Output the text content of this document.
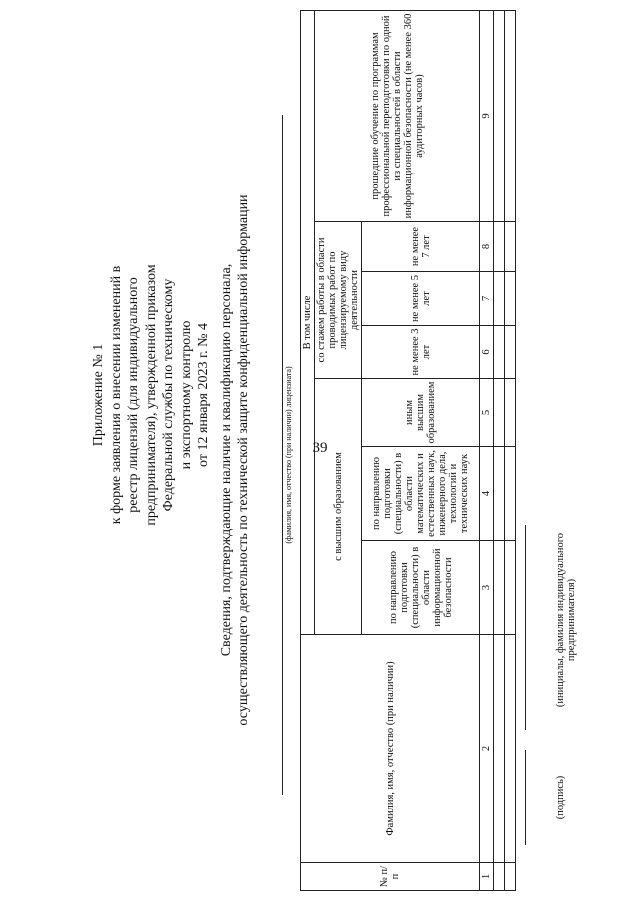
39
Приложение № 1 к форме заявления о внесении изменений в реестр лицензий (для индивидуального предпринимателя), утвержденной приказом Федеральной службы по техническому и экспортному контролю от 12 января 2023 г. № 4 Сведения, подтверждающие наличие и квалификацию персонала, осуществляющего деятельность по технической защите конфиденциальной информации	(фамилия, имя, отчество (при наличии) лицензиата)
№ п/п	Фамилия, имя, отчество (при наличии)	В том числе						
		с высшим образованием			со стажем работы в области проводимых работ по лицензируемому виду деятельности			прошедшие обучение по программам профессиональной переподготовки по одной из специальностей в области информационной безопасности (не менее 360 аудиторных часов)
		по направлению подготовки (специальности) в области информационной безопасности	по направлению подготовки (специальности) в области математических и естественных наук, инженерного дела, технологий и технических наук	иным высшим образованием	не менее 3 лет	не менее 5 лет	не менее 7 лет	
1	2	3	4	5	6	7	8	9

(подпись)
(инициалы, фамилия индивидуального предпринимателя)
